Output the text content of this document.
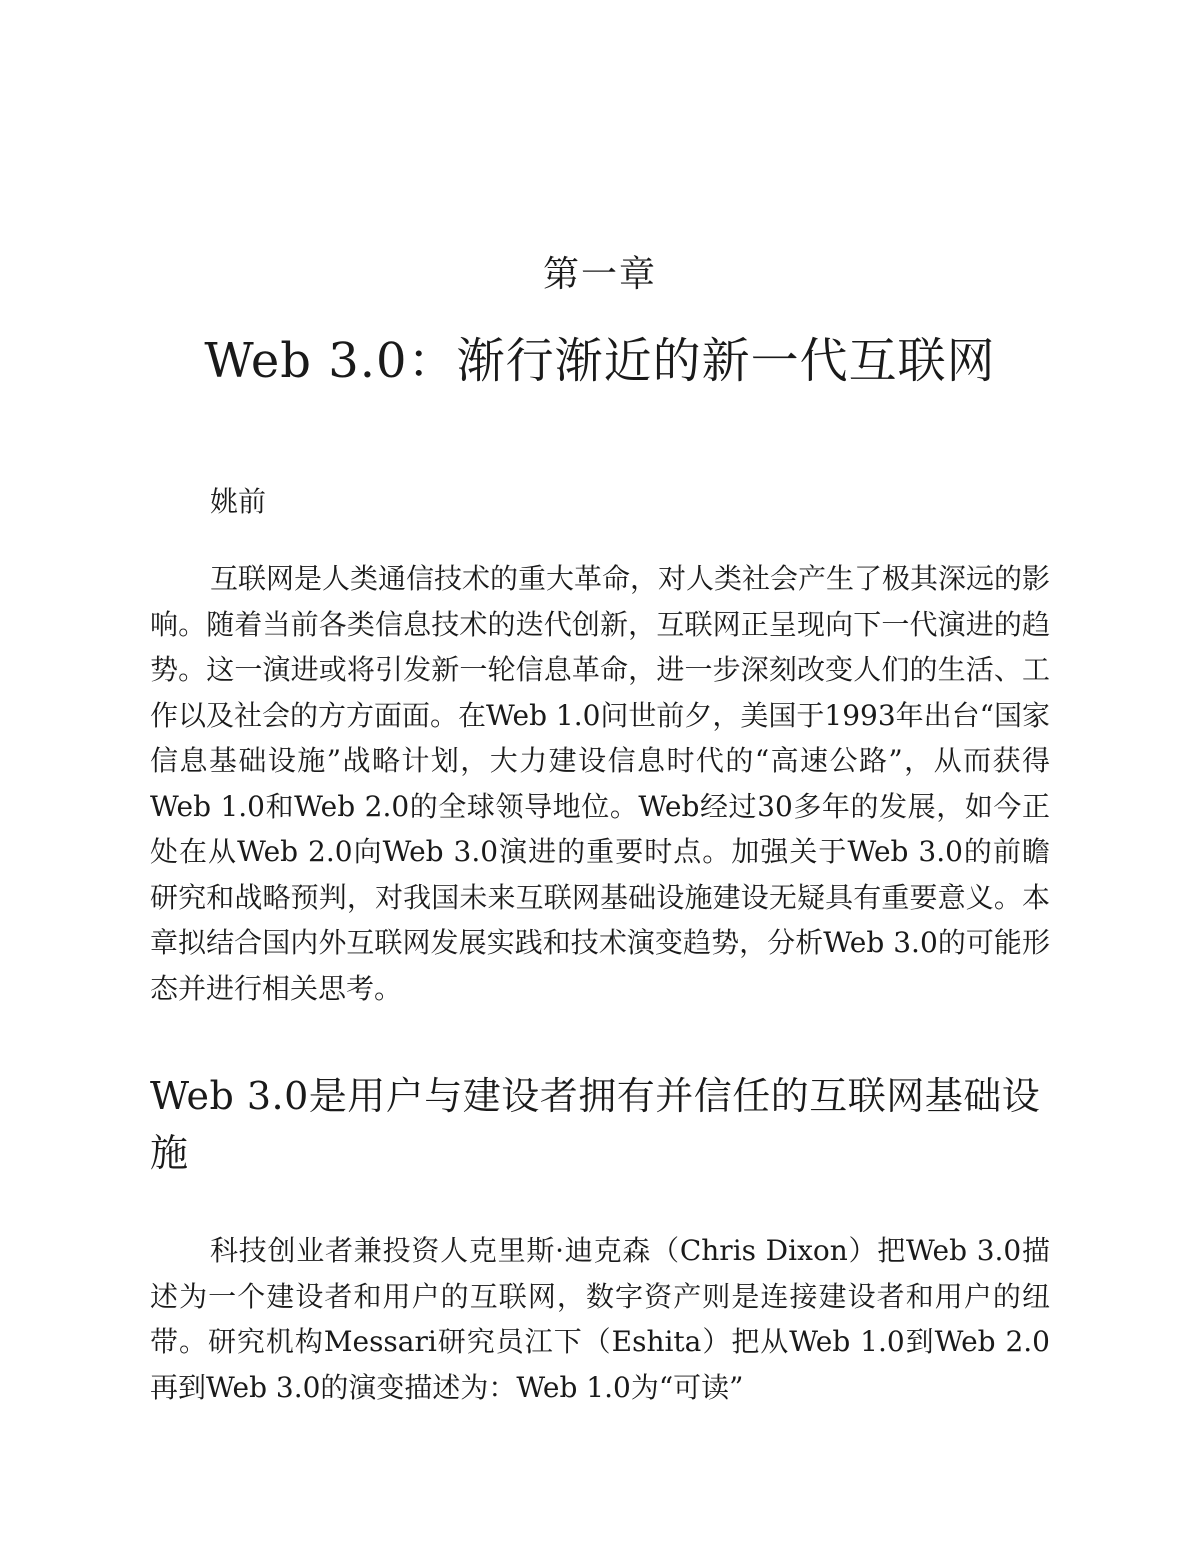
第一章
Web 3.0：渐行渐近的新一代互联网
姚前

互联网是人类通信技术的重大革命，对人类社会产生了极其深远的影响。随着当前各类信息技术的迭代创新，互联网正呈现向下一代演进的趋势。这一演进或将引发新一轮信息革命，进一步深刻改变人们的生活、工作以及社会的方方面面。在Web 1.0问世前夕，美国于1993年出台“国家信息基础设施”战略计划，大力建设信息时代的“高速公路”，从而获得Web 1.0和Web 2.0的全球领导地位。Web经过30多年的发展，如今正处在从Web 2.0向Web 3.0演进的重要时点。加强关于Web 3.0的前瞻研究和战略预判，对我国未来互联网基础设施建设无疑具有重要意义。本章拟结合国内外互联网发展实践和技术演变趋势，分析Web 3.0的可能形态并进行相关思考。

Web 3.0是用户与建设者拥有并信任的互联网基础设施

科技创业者兼投资人克里斯·迪克森（Chris Dixon）把Web 3.0描述为一个建设者和用户的互联网，数字资产则是连接建设者和用户的纽带。研究机构Messari研究员江下（Eshita）把从Web 1.0到Web 2.0再到Web 3.0的演变描述为：Web 1.0为“可读”
